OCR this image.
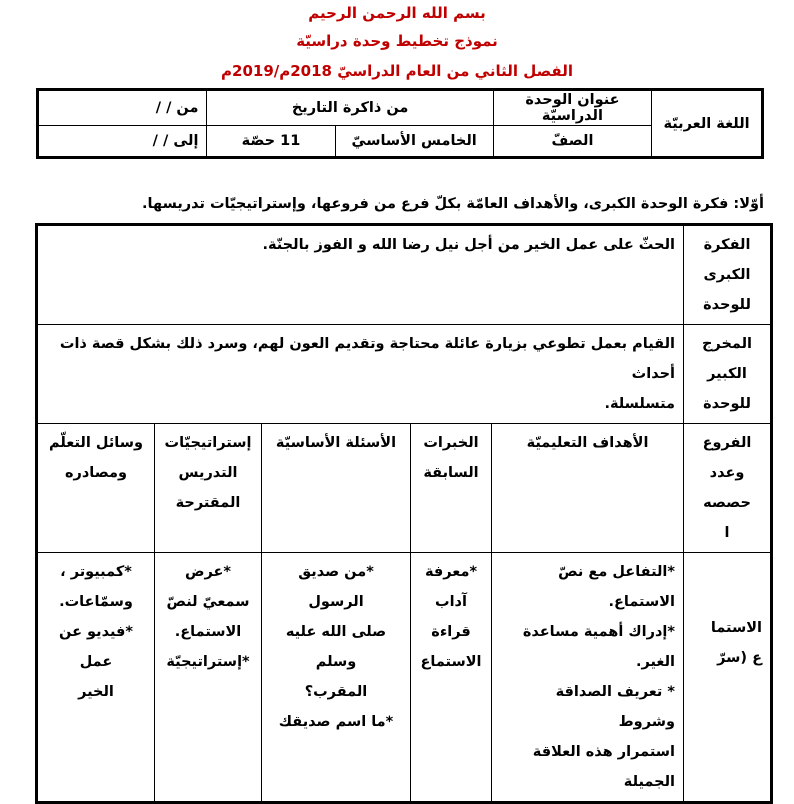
بسم الله الرحمن الرحيم
نموذج تخطيط وحدة دراسيّة
الفصل الثاني من العام الدراسيّ 2018م/2019م
اللغة العربيّة	عنوان الوحدة الدراسيّة	من ذاكرة التاريخ		من / /
	الصفّ	الخامس الأساسيّ	11 حصّة	إلى / /
أوّلا: فكرة الوحدة الكبرى، والأهداف العامّة بكلّ فرع من فروعها، وإستراتيجيّات تدريسها.
الفكرة الكبرى
للوحدة	الحثّ على عمل الخير من أجل نيل رضا الله و الفوز بالجنّة.				

المخرج الكبير
للوحدة	القيام بعمل تطوعي بزيارة عائلة محتاجة وتقديم العون لهم، وسرد ذلك بشكل قصة ذات أحداث
متسلسلة.				

الفروع
وعدد
حصصه
ا	الأهداف التعليميّة	الخبرات
السابقة	الأسئلة الأساسيّة	إستراتيجيّات
التدريس
المقترحة	وسائل التعلّم
ومصادره

الاستما
ع (سرّ	*التفاعل مع نصّ الاستماع.
*إدراك أهمية مساعدة الغير.
* تعريف الصداقة وشروط
استمرار هذه العلاقة الجميلة	*معرفة
آداب
قراءة
الاستماع	*من صديق الرسول
صلى الله عليه وسلم
المقرب؟
*ما اسم صديقك	*عرض
سمعيّ لنصّ
الاستماع.
*إستراتيجيّة	*كمبيوتر ،
وسمّاعات.
*فيديو عن عمل
الخير
